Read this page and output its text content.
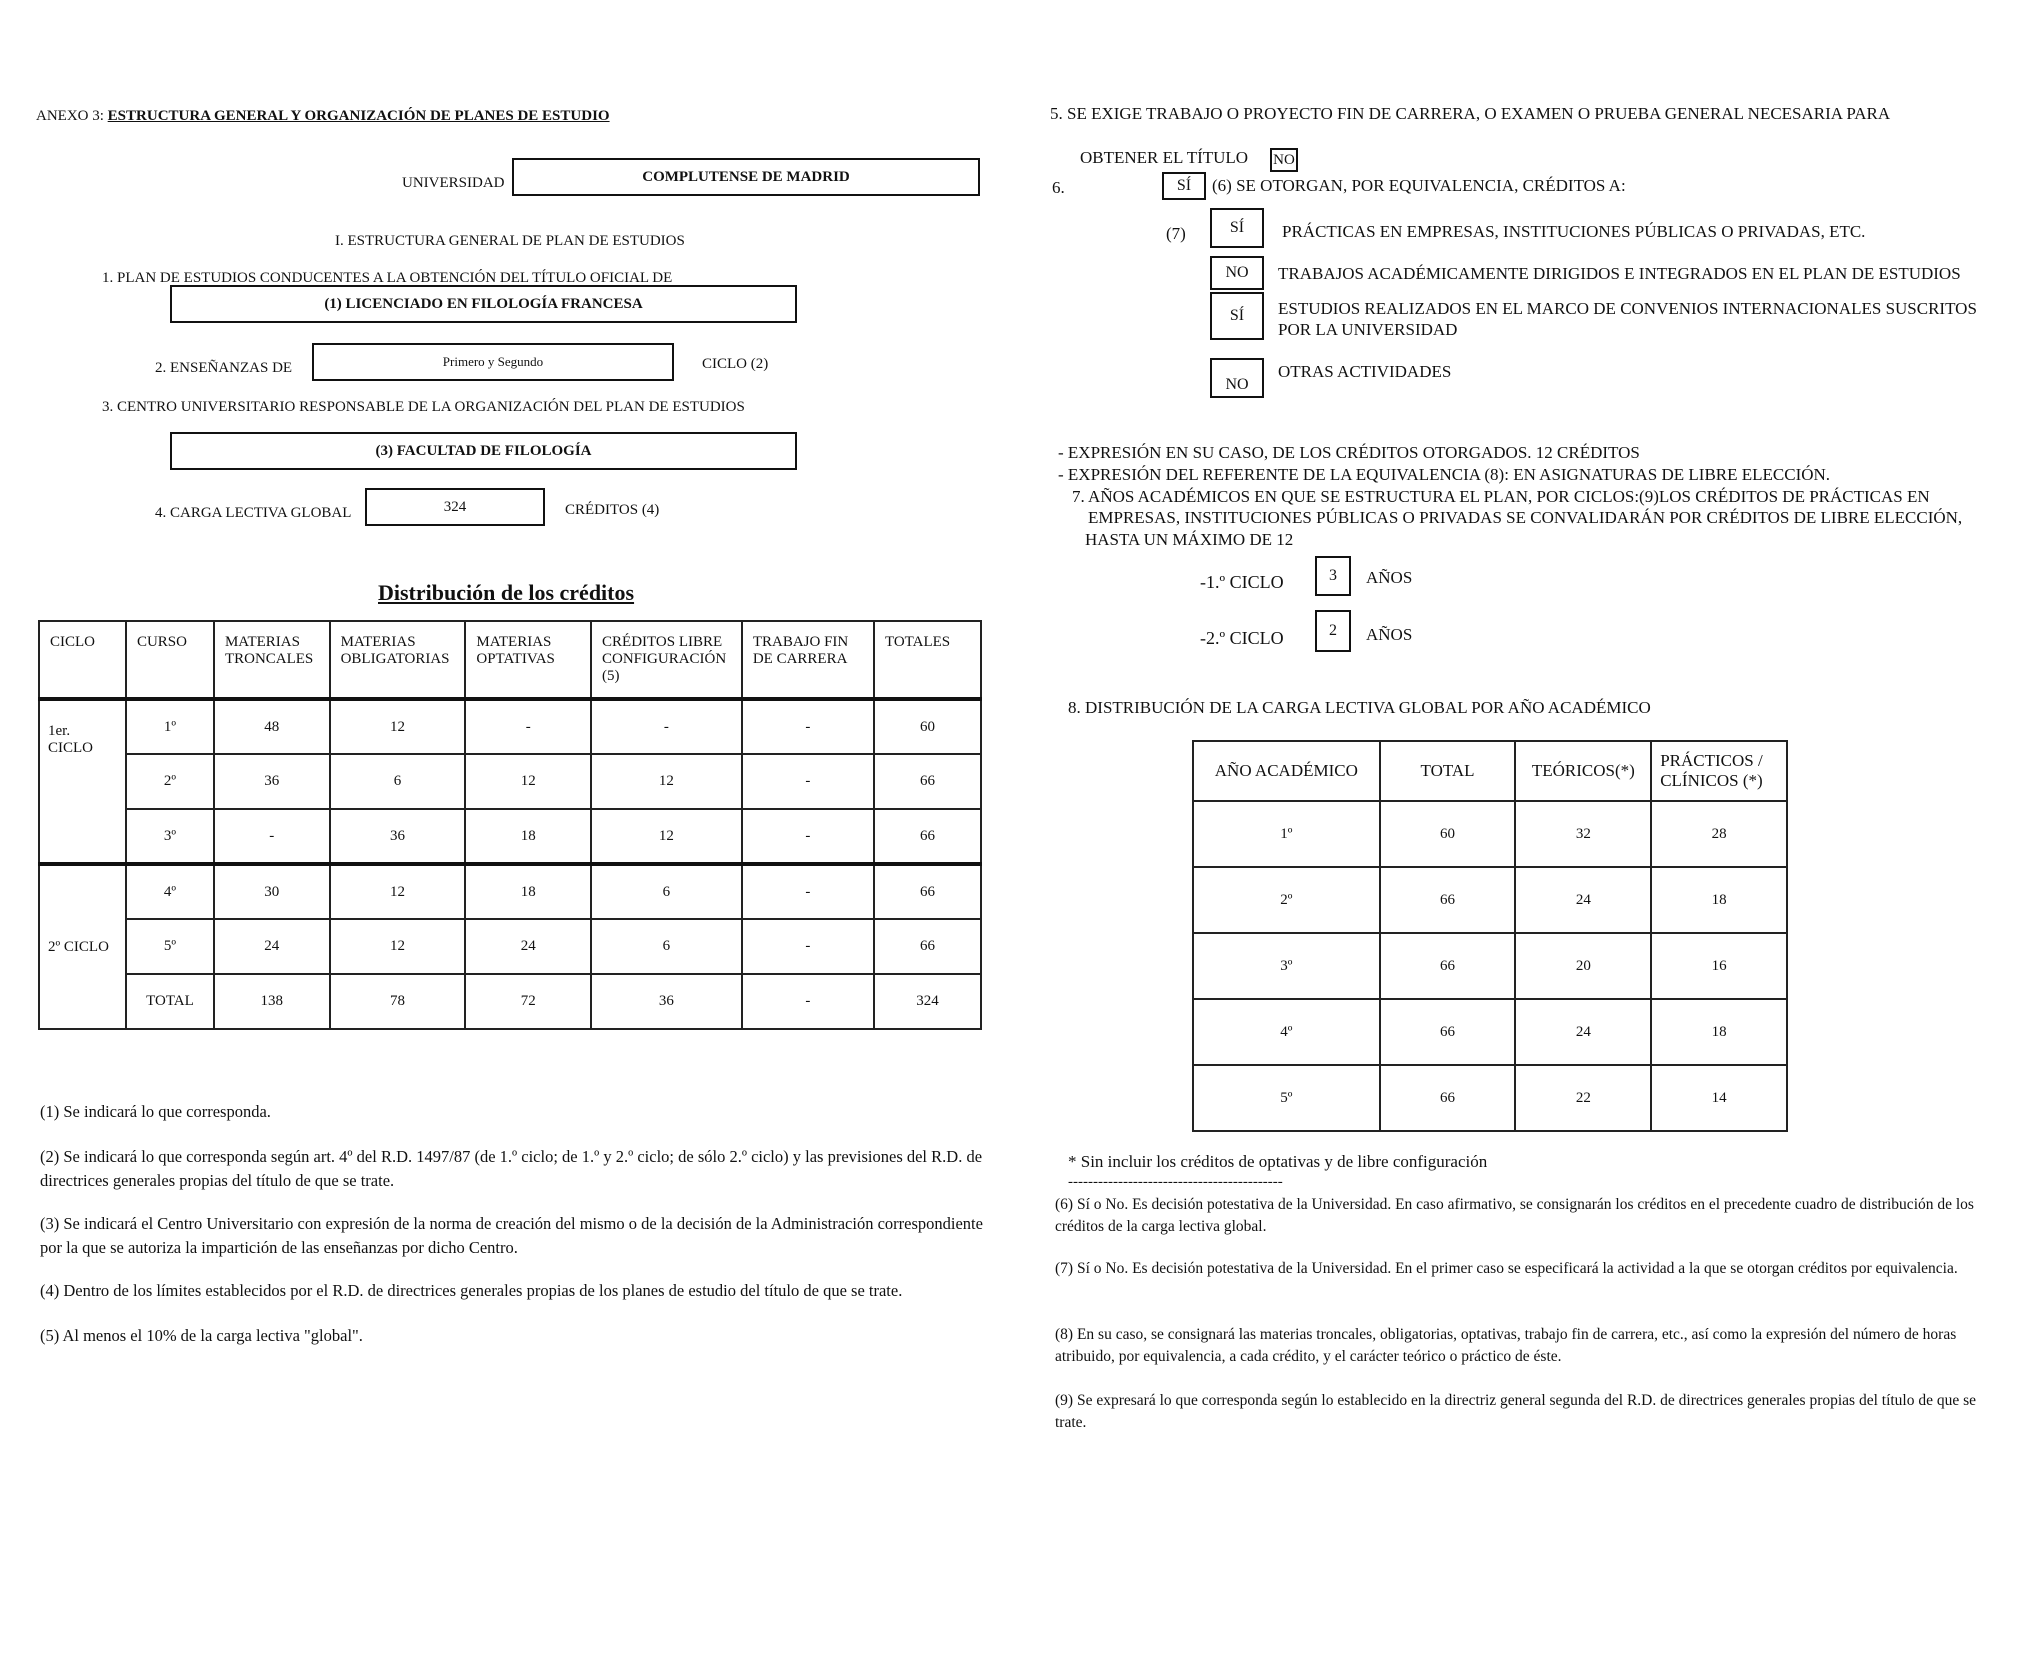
ANEXO 3: ESTRUCTURA GENERAL Y ORGANIZACIÓN DE PLANES DE ESTUDIO
UNIVERSIDAD	COMPLUTENSE DE MADRID
I. ESTRUCTURA GENERAL DE PLAN DE ESTUDIOS
1. PLAN DE ESTUDIOS CONDUCENTES A LA OBTENCIÓN DEL TÍTULO OFICIAL DE
(1) LICENCIADO EN FILOLOGÍA FRANCESA
2. ENSEÑANZAS DE	Primero y Segundo	CICLO (2)
3. CENTRO UNIVERSITARIO RESPONSABLE DE LA ORGANIZACIÓN DEL PLAN DE ESTUDIOS
(3) FACULTAD DE FILOLOGÍA
4. CARGA LECTIVA GLOBAL	324	CRÉDITOS (4)
Distribución de los créditos
CICLO	CURSO	MATERIAS TRONCALES	MATERIAS OBLIGATORIAS	MATERIAS OPTATIVAS	CRÉDITOS LIBRE CONFIGURACIÓN (5)	TRABAJO FIN DE CARRERA	TOTALES
1er. CICLO	1º	48	12	-	-	-	60
	2º	36	6	12	12	-	66
	3º	-	36	18	12	-	66
2º CICLO	4º	30	12	18	6	-	66
	5º	24	12	24	6	-	66
	TOTAL	138	78	72	36	-	324
(1) Se indicará lo que corresponda.
(2) Se indicará lo que corresponda según art. 4º del R.D. 1497/87 (de 1.º ciclo; de 1.º y 2.º ciclo; de sólo 2.º ciclo) y las previsiones del R.D. de directrices generales propias del título de que se trate.
(3) Se indicará el Centro Universitario con expresión de la norma de creación del mismo o de la decisión de la Administración correspondiente por la que se autoriza la impartición de las enseñanzas por dicho Centro.
(4) Dentro de los límites establecidos por el R.D. de directrices generales propias de los planes de estudio del título de que se trate.
(5) Al menos el 10% de la carga lectiva "global".
5. SE EXIGE TRABAJO O PROYECTO FIN DE CARRERA, O EXAMEN O PRUEBA GENERAL NECESARIA PARA
OBTENER EL TÍTULO NO
6.	SÍ	(6) SE OTORGAN, POR EQUIVALENCIA, CRÉDITOS A:
(7)	SÍ	PRÁCTICAS EN EMPRESAS, INSTITUCIONES PÚBLICAS O PRIVADAS, ETC.
NO	TRABAJOS ACADÉMICAMENTE DIRIGIDOS E INTEGRADOS EN EL PLAN DE ESTUDIOS
SÍ	ESTUDIOS REALIZADOS EN EL MARCO DE CONVENIOS INTERNACIONALES SUSCRITOS POR LA UNIVERSIDAD
NO
OTRAS ACTIVIDADES
- EXPRESIÓN EN SU CASO, DE LOS CRÉDITOS OTORGADOS. 12 CRÉDITOS
- EXPRESIÓN DEL REFERENTE DE LA EQUIVALENCIA (8): EN ASIGNATURAS DE LIBRE ELECCIÓN.
7. AÑOS ACADÉMICOS EN QUE SE ESTRUCTURA EL PLAN, POR CICLOS:(9)LOS CRÉDITOS DE PRÁCTICAS EN
EMPRESAS, INSTITUCIONES PÚBLICAS O PRIVADAS SE CONVALIDARÁN POR CRÉDITOS DE LIBRE ELECCIÓN,
HASTA UN MÁXIMO DE 12
-1.º CICLO	3	AÑOS
-2.º CICLO	2	AÑOS
8. DISTRIBUCIÓN DE LA CARGA LECTIVA GLOBAL POR AÑO ACADÉMICO
AÑO ACADÉMICO	TOTAL	TEÓRICOS(*)	PRÁCTICOS / CLÍNICOS (*)
1º	60	32	28
2º	66	24	18
3º	66	20	16
4º	66	24	18
5º	66	22	14
* Sin incluir los créditos de optativas y de libre configuración
-------------------------------------------
(6) Sí o No. Es decisión potestativa de la Universidad. En caso afirmativo, se consignarán los créditos en el precedente cuadro de distribución de los créditos de la carga lectiva global.
(7) Sí o No. Es decisión potestativa de la Universidad. En el primer caso se especificará la actividad a la que se otorgan créditos por equivalencia.
(8) En su caso, se consignará las materias troncales, obligatorias, optativas, trabajo fin de carrera, etc., así como la expresión del número de horas atribuido, por equivalencia, a cada crédito, y el carácter teórico o práctico de éste.
(9) Se expresará lo que corresponda según lo establecido en la directriz general segunda del R.D. de directrices generales propias del título de que se trate.
